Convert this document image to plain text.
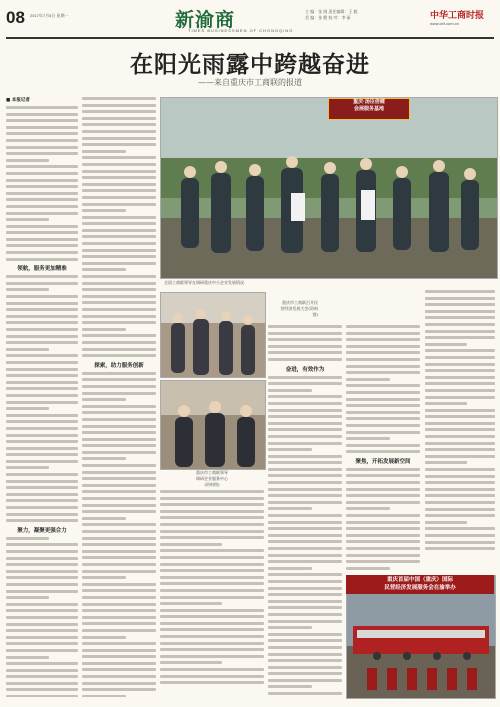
08 2017年7月5日 星期一	新渝商
TIMES BUSINESSMEN OF CHONGQING
主 编：张 刚 责任编辑：王 毅
美 编：张 健 校 对：李 丽	中华工商时报
www.cbt.com.cn
在阳光雨露中跨越奋进
——来自重庆市工商联的报道
■ 本报记者
领航，服务更加精准
聚力，凝聚更强合力
探索，助力服务创新
重庆·汤臣倍健
会展服务基地
全国工商联领导在调研重庆中小企业发展情况
重庆市工商联召开民
营经济发展大会(资料
图)
重庆市工商联领导
调研企业服务中心
(资料图)
奋进，有效作为
聚焦，开拓发展新空间
重庆首届中国（重庆）国际
民营经济发展服务会在渝举办
